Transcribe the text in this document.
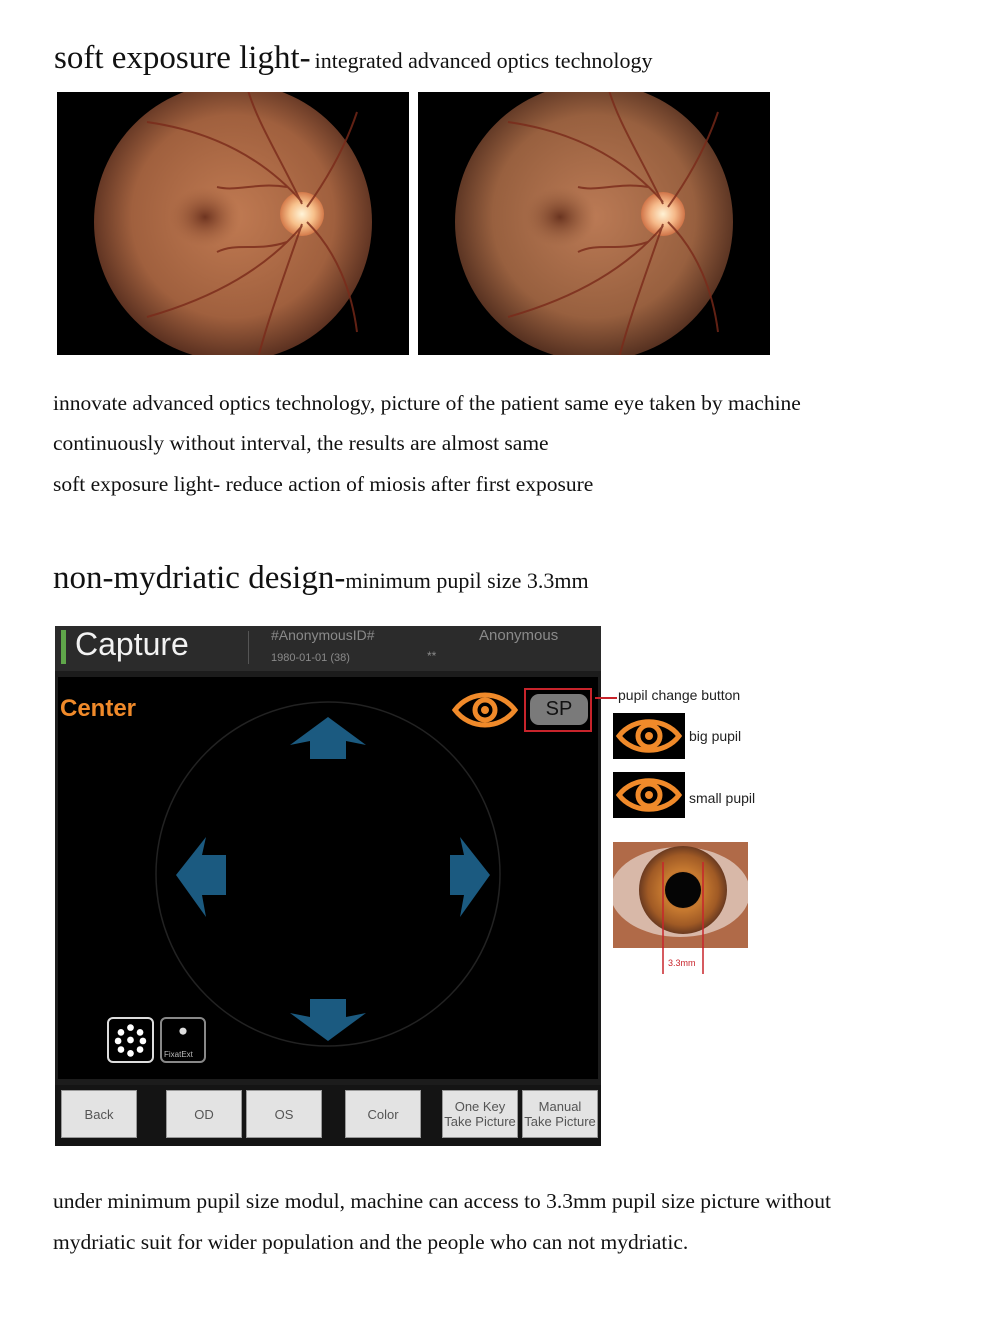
soft exposure light- integrated advanced optics technology
innovate advanced optics technology, picture of the patient same eye taken by machine
continuously without interval, the results are almost same
soft exposure light- reduce action of miosis after first exposure
non-mydriatic design-minimum pupil size 3.3mm
Capture	#AnonymousID#
1980-01-01 (38)	**
Anonymous
Center	SP
FixatExt
Back	OD	OS	Color	One Key
Take Picture
Manual
Take Picture
pupil change button
big pupil
small pupil
3.3mm
under minimum pupil size modul, machine can access to 3.3mm pupil size picture without
mydriatic suit for wider population and the people who can not mydriatic.
